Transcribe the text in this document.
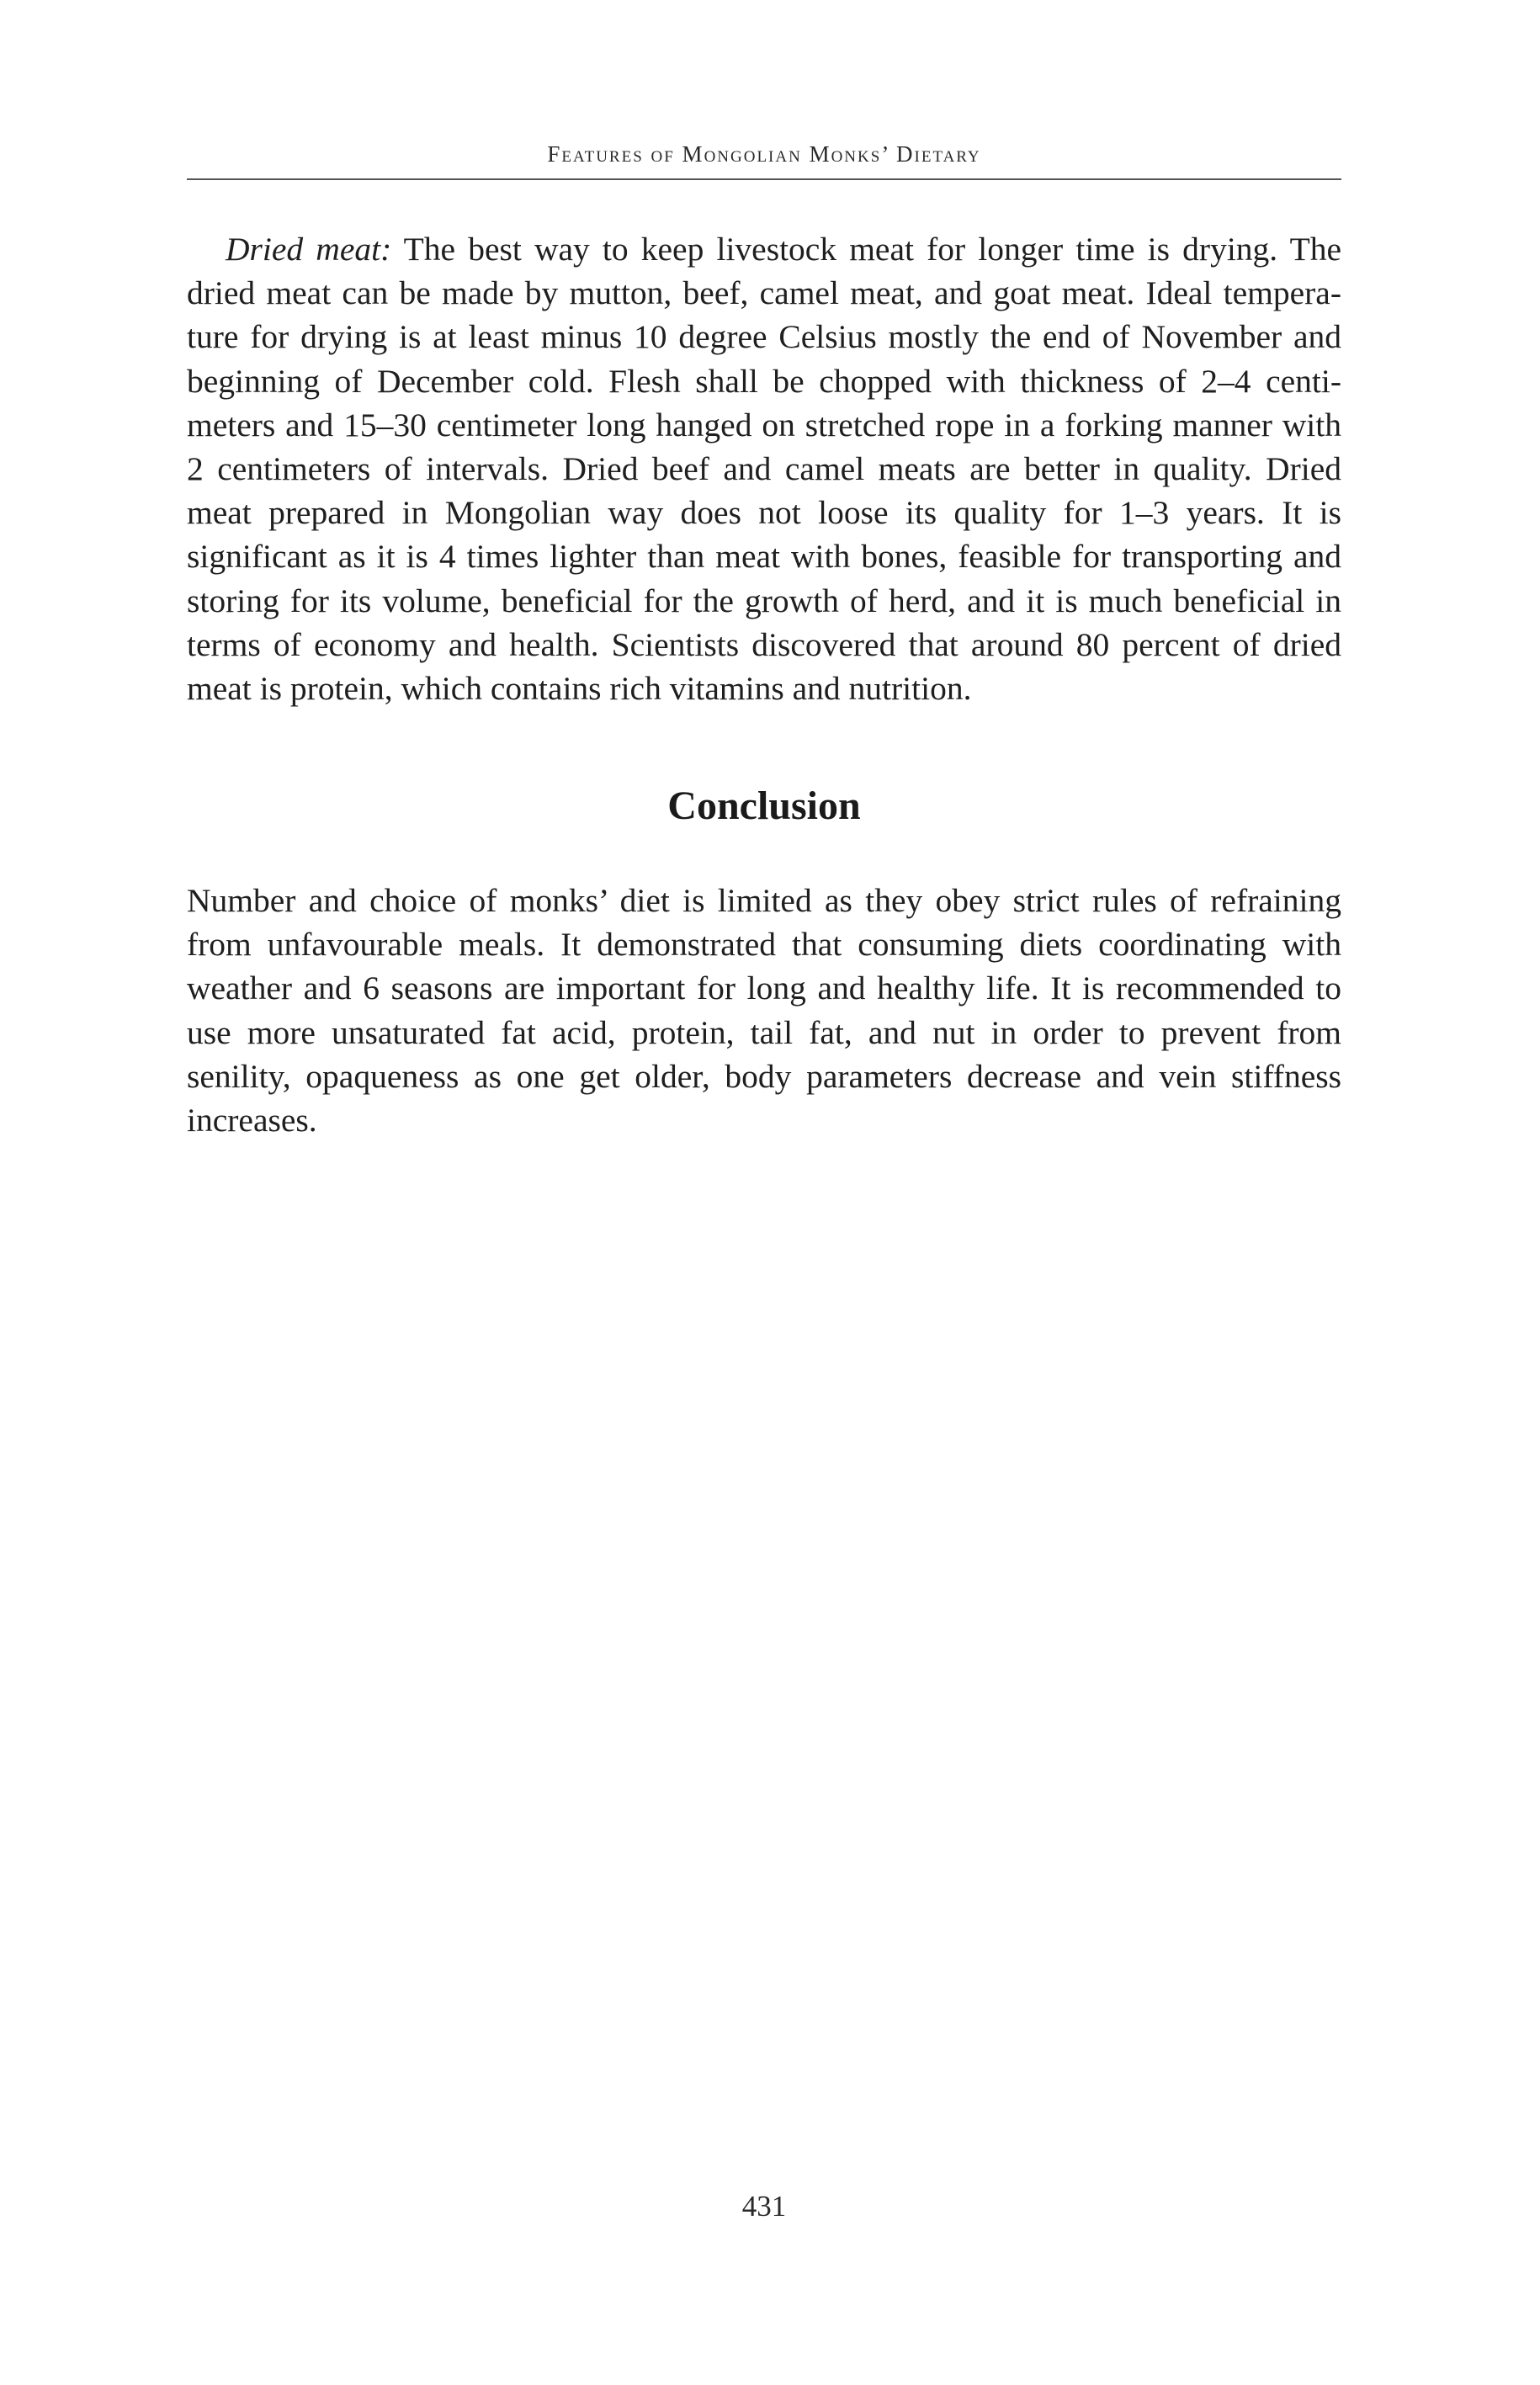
Features of Mongolian Monks’ Dietary

Dried meat: The best way to keep livestock meat for longer time is drying. The dried meat can be made by mutton, beef, camel meat, and goat meat. Ideal temperature for drying is at least minus 10 degree Celsius mostly the end of November and beginning of December cold. Flesh shall be chopped with thickness of 2–4 centimeters and 15–30 centimeter long hanged on stretched rope in a forking manner with 2 centimeters of intervals. Dried beef and camel meats are better in quality. Dried meat prepared in Mongolian way does not loose its quality for 1–3 years. It is significant as it is 4 times lighter than meat with bones, feasible for transporting and storing for its volume, beneficial for the growth of herd, and it is much beneficial in terms of economy and health. Scientists discovered that around 80 percent of dried meat is protein, which contains rich vitamins and nutrition.

Conclusion

Number and choice of monks’ diet is limited as they obey strict rules of refraining from unfavourable meals. It demonstrated that consuming diets coordinating with weather and 6 seasons are important for long and healthy life. It is recommended to use more unsaturated fat acid, protein, tail fat, and nut in order to prevent from senility, opaqueness as one get older, body parameters decrease and vein stiffness increases.

431
